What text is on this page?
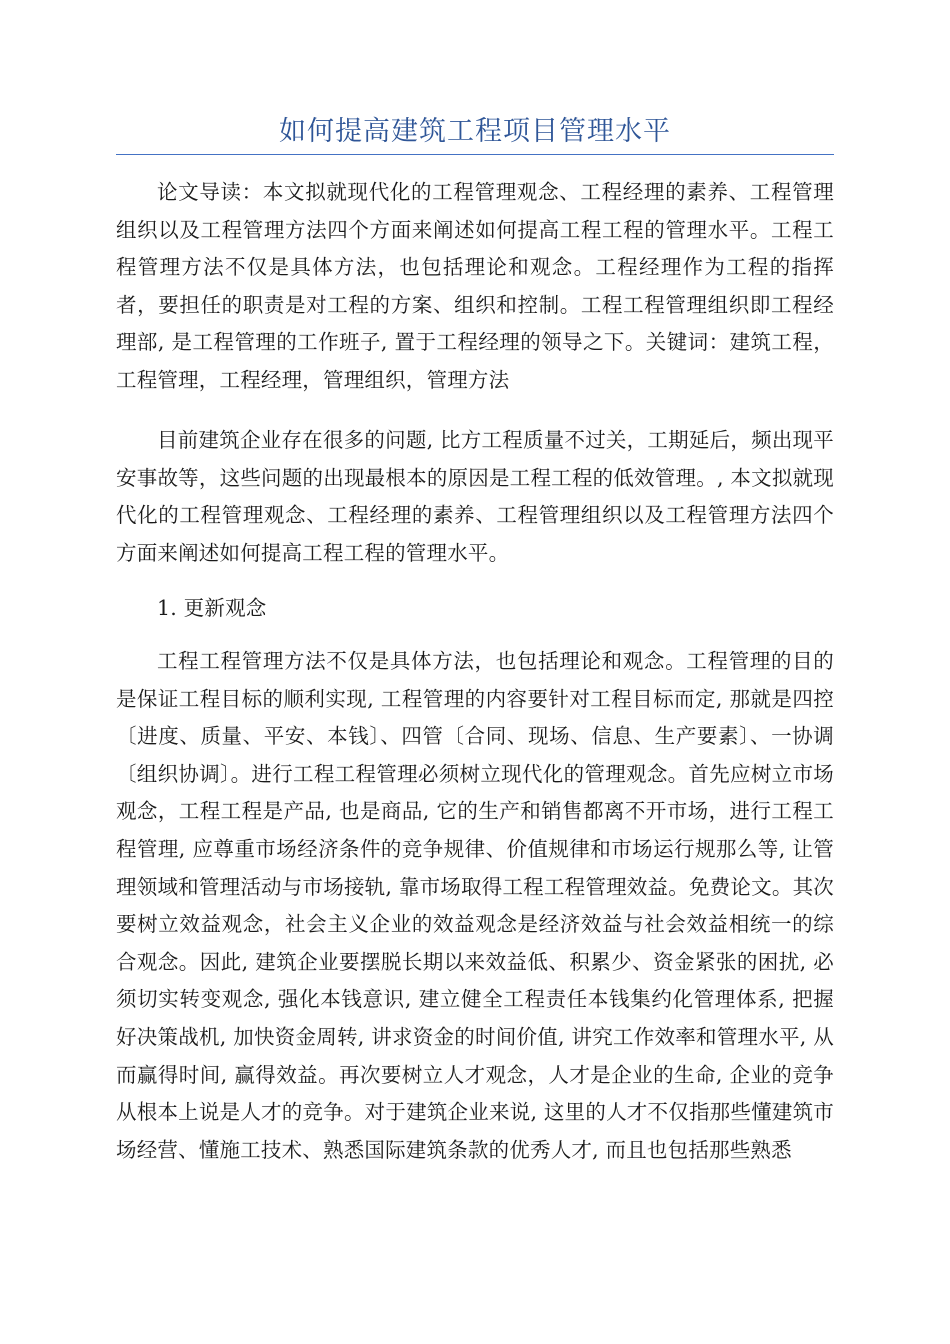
如何提高建筑工程项目管理水平

论文导读：本文拟就现代化的工程管理观念、工程经理的素养、工程管理组织以及工程管理方法四个方面来阐述如何提高工程工程的管理水平。工程工程管理方法不仅是具体方法，也包括理论和观念。工程经理作为工程的指挥者，要担任的职责是对工程的方案、组织和控制。工程工程管理组织即工程经理部, 是工程管理的工作班子, 置于工程经理的领导之下。关键词：建筑工程，工程管理，工程经理，管理组织，管理方法

目前建筑企业存在很多的问题, 比方工程质量不过关，工期延后，频出现平安事故等，这些问题的出现最根本的原因是工程工程的低效管理。, 本文拟就现代化的工程管理观念、工程经理的素养、工程管理组织以及工程管理方法四个方面来阐述如何提高工程工程的管理水平。

1. 更新观念

工程工程管理方法不仅是具体方法，也包括理论和观念。工程管理的目的是保证工程目标的顺利实现, 工程管理的内容要针对工程目标而定, 那就是四控〔进度、质量、平安、本钱〕、四管〔合同、现场、信息、生产要素〕、一协调〔组织协调〕。进行工程工程管理必须树立现代化的管理观念。首先应树立市场观念，工程工程是产品, 也是商品, 它的生产和销售都离不开市场，进行工程工程管理, 应尊重市场经济条件的竞争规律、价值规律和市场运行规那么等, 让管理领域和管理活动与市场接轨, 靠市场取得工程工程管理效益。免费论文。其次要树立效益观念，社会主义企业的效益观念是经济效益与社会效益相统一的综合观念。因此, 建筑企业要摆脱长期以来效益低、积累少、资金紧张的困扰, 必须切实转变观念, 强化本钱意识, 建立健全工程责任本钱集约化管理体系, 把握好决策战机, 加快资金周转, 讲求资金的时间价值, 讲究工作效率和管理水平, 从而赢得时间, 赢得效益。再次要树立人才观念，人才是企业的生命, 企业的竞争从根本上说是人才的竞争。对于建筑企业来说, 这里的人才不仅指那些懂建筑市场经营、懂施工技术、熟悉国际建筑条款的优秀人才, 而且也包括那些熟悉
